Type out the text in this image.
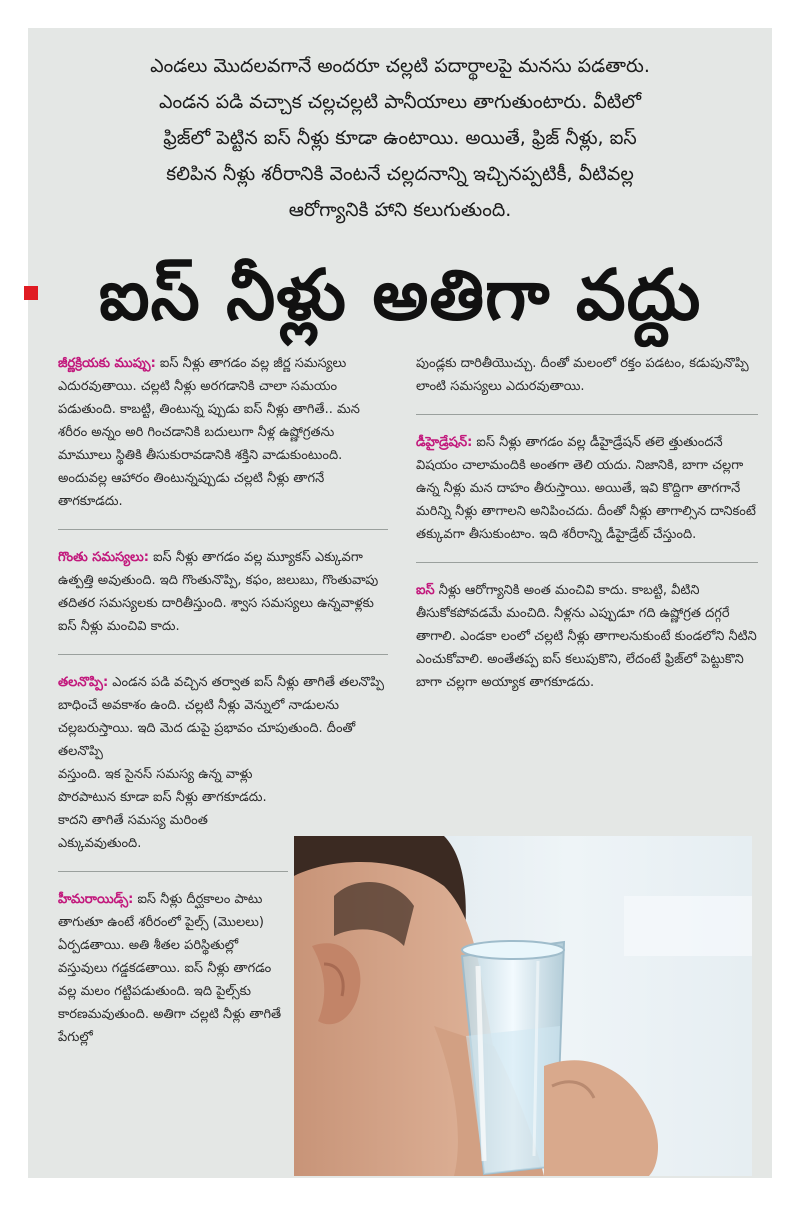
ఎండలు మొదలవగానే అందరూ చల్లటి పదార్థాలపై మనసు పడతారు.

ఎండన పడి వచ్చాక చల్లచల్లటి పానీయాలు తాగుతుంటారు. వీటిలో

ఫ్రిజ్‌లో పెట్టిన ఐస్ నీళ్లు కూడా ఉంటాయి. అయితే, ఫ్రిజ్ నీళ్లు, ఐస్

కలిపిన నీళ్లు శరీరానికి వెంటనే చల్లదనాన్ని ఇచ్చినప్పటికీ, వీటివల్ల

ఆరోగ్యానికి హాని కలుగుతుంది.

ఐస్ నీళ్లు అతిగా వద్దు

జీర్ణక్రియకు ముప్పు: ఐస్ నీళ్లు తాగడం వల్ల జీర్ణ సమస్యలు ఎదురవుతాయి. చల్లటి నీళ్లు అరగడానికి చాలా సమయం పడుతుంది. కాబట్టి, తింటున్న ప్పుడు ఐస్ నీళ్లు తాగితే.. మన శరీరం అన్నం అరి గించడానికి బదులుగా నీళ్ల ఉష్ణోగ్రతను మామూలు స్థితికి తీసుకురావడానికి శక్తిని వాడుకుంటుంది. అందువల్ల ఆహారం తింటున్నప్పుడు చల్లటి నీళ్లు తాగనే తాగకూడదు.

గొంతు సమస్యలు: ఐస్ నీళ్లు తాగడం వల్ల మ్యూకస్ ఎక్కువగా ఉత్పత్తి అవుతుంది. ఇది గొంతునొప్పి, కఫం, జలుబు, గొంతువాపు తదితర సమస్యలకు దారితీస్తుంది. శ్వాస సమస్యలు ఉన్నవాళ్లకు ఐస్ నీళ్లు మంచివి కాదు.

తలనొప్పి: ఎండన పడి వచ్చిన తర్వాత ఐస్ నీళ్లు తాగితే తలనొప్పి బాధించే అవకాశం ఉంది. చల్లటి నీళ్లు వెన్నులో నాడులను చల్లబరుస్తాయి. ఇది మెద డుపై ప్రభావం చూపుతుంది. దీంతో తలనొప్పి

వస్తుంది. ఇక సైనస్ సమస్య ఉన్న వాళ్లు పొరపాటున కూడా ఐస్ నీళ్లు తాగకూడదు. కాదని తాగితే సమస్య మరింత ఎక్కువవుతుంది.

హీమరాయిడ్స్: ఐస్ నీళ్లు దీర్ఘకాలం పాటు తాగుతూ ఉంటే శరీరంలో పైల్స్ (మొలలు) ఏర్పడతాయి. అతి శీతల పరిస్థితుల్లో వస్తువులు గడ్డకడతాయి. ఐస్ నీళ్లు తాగడం వల్ల మలం గట్టిపడుతుంది. ఇది పైల్స్‌కు కారణమవుతుంది. అతిగా చల్లటి నీళ్లు తాగితే పేగుల్లో

పుండ్లకు దారితీయొచ్చు. దీంతో మలంలో రక్తం పడటం, కడుపునొప్పి లాంటి సమస్యలు ఎదురవుతాయి.

డీహైడ్రేషన్: ఐస్ నీళ్లు తాగడం వల్ల డీహైడ్రేషన్ తలె త్తుతుందనే విషయం చాలామందికి అంతగా తెలి యదు. నిజానికి, బాగా చల్లగా ఉన్న నీళ్లు మన దాహం తీరుస్తాయి. అయితే, ఇవి కొద్దిగా తాగగానే మరిన్ని నీళ్లు తాగాలని అనిపించదు. దీంతో నీళ్లు తాగాల్సిన దానికంటే తక్కువగా తీసుకుంటాం. ఇది శరీరాన్ని డీహైడ్రేట్ చేస్తుంది.

ఐస్ నీళ్లు ఆరోగ్యానికి అంత మంచివి కాదు. కాబట్టి, వీటిని తీసుకోకపోవడమే మంచిది. నీళ్లను ఎప్పుడూ గది ఉష్ణోగ్రత దగ్గరే తాగాలి. ఎండకా లంలో చల్లటి నీళ్లు తాగాలనుకుంటే కుండలోని నీటిని ఎంచుకోవాలి. అంతేతప్ప ఐస్ కలుపుకొని, లేదంటే ఫ్రిజ్‌లో పెట్టుకొని బాగా చల్లగా అయ్యాక తాగకూడదు.
